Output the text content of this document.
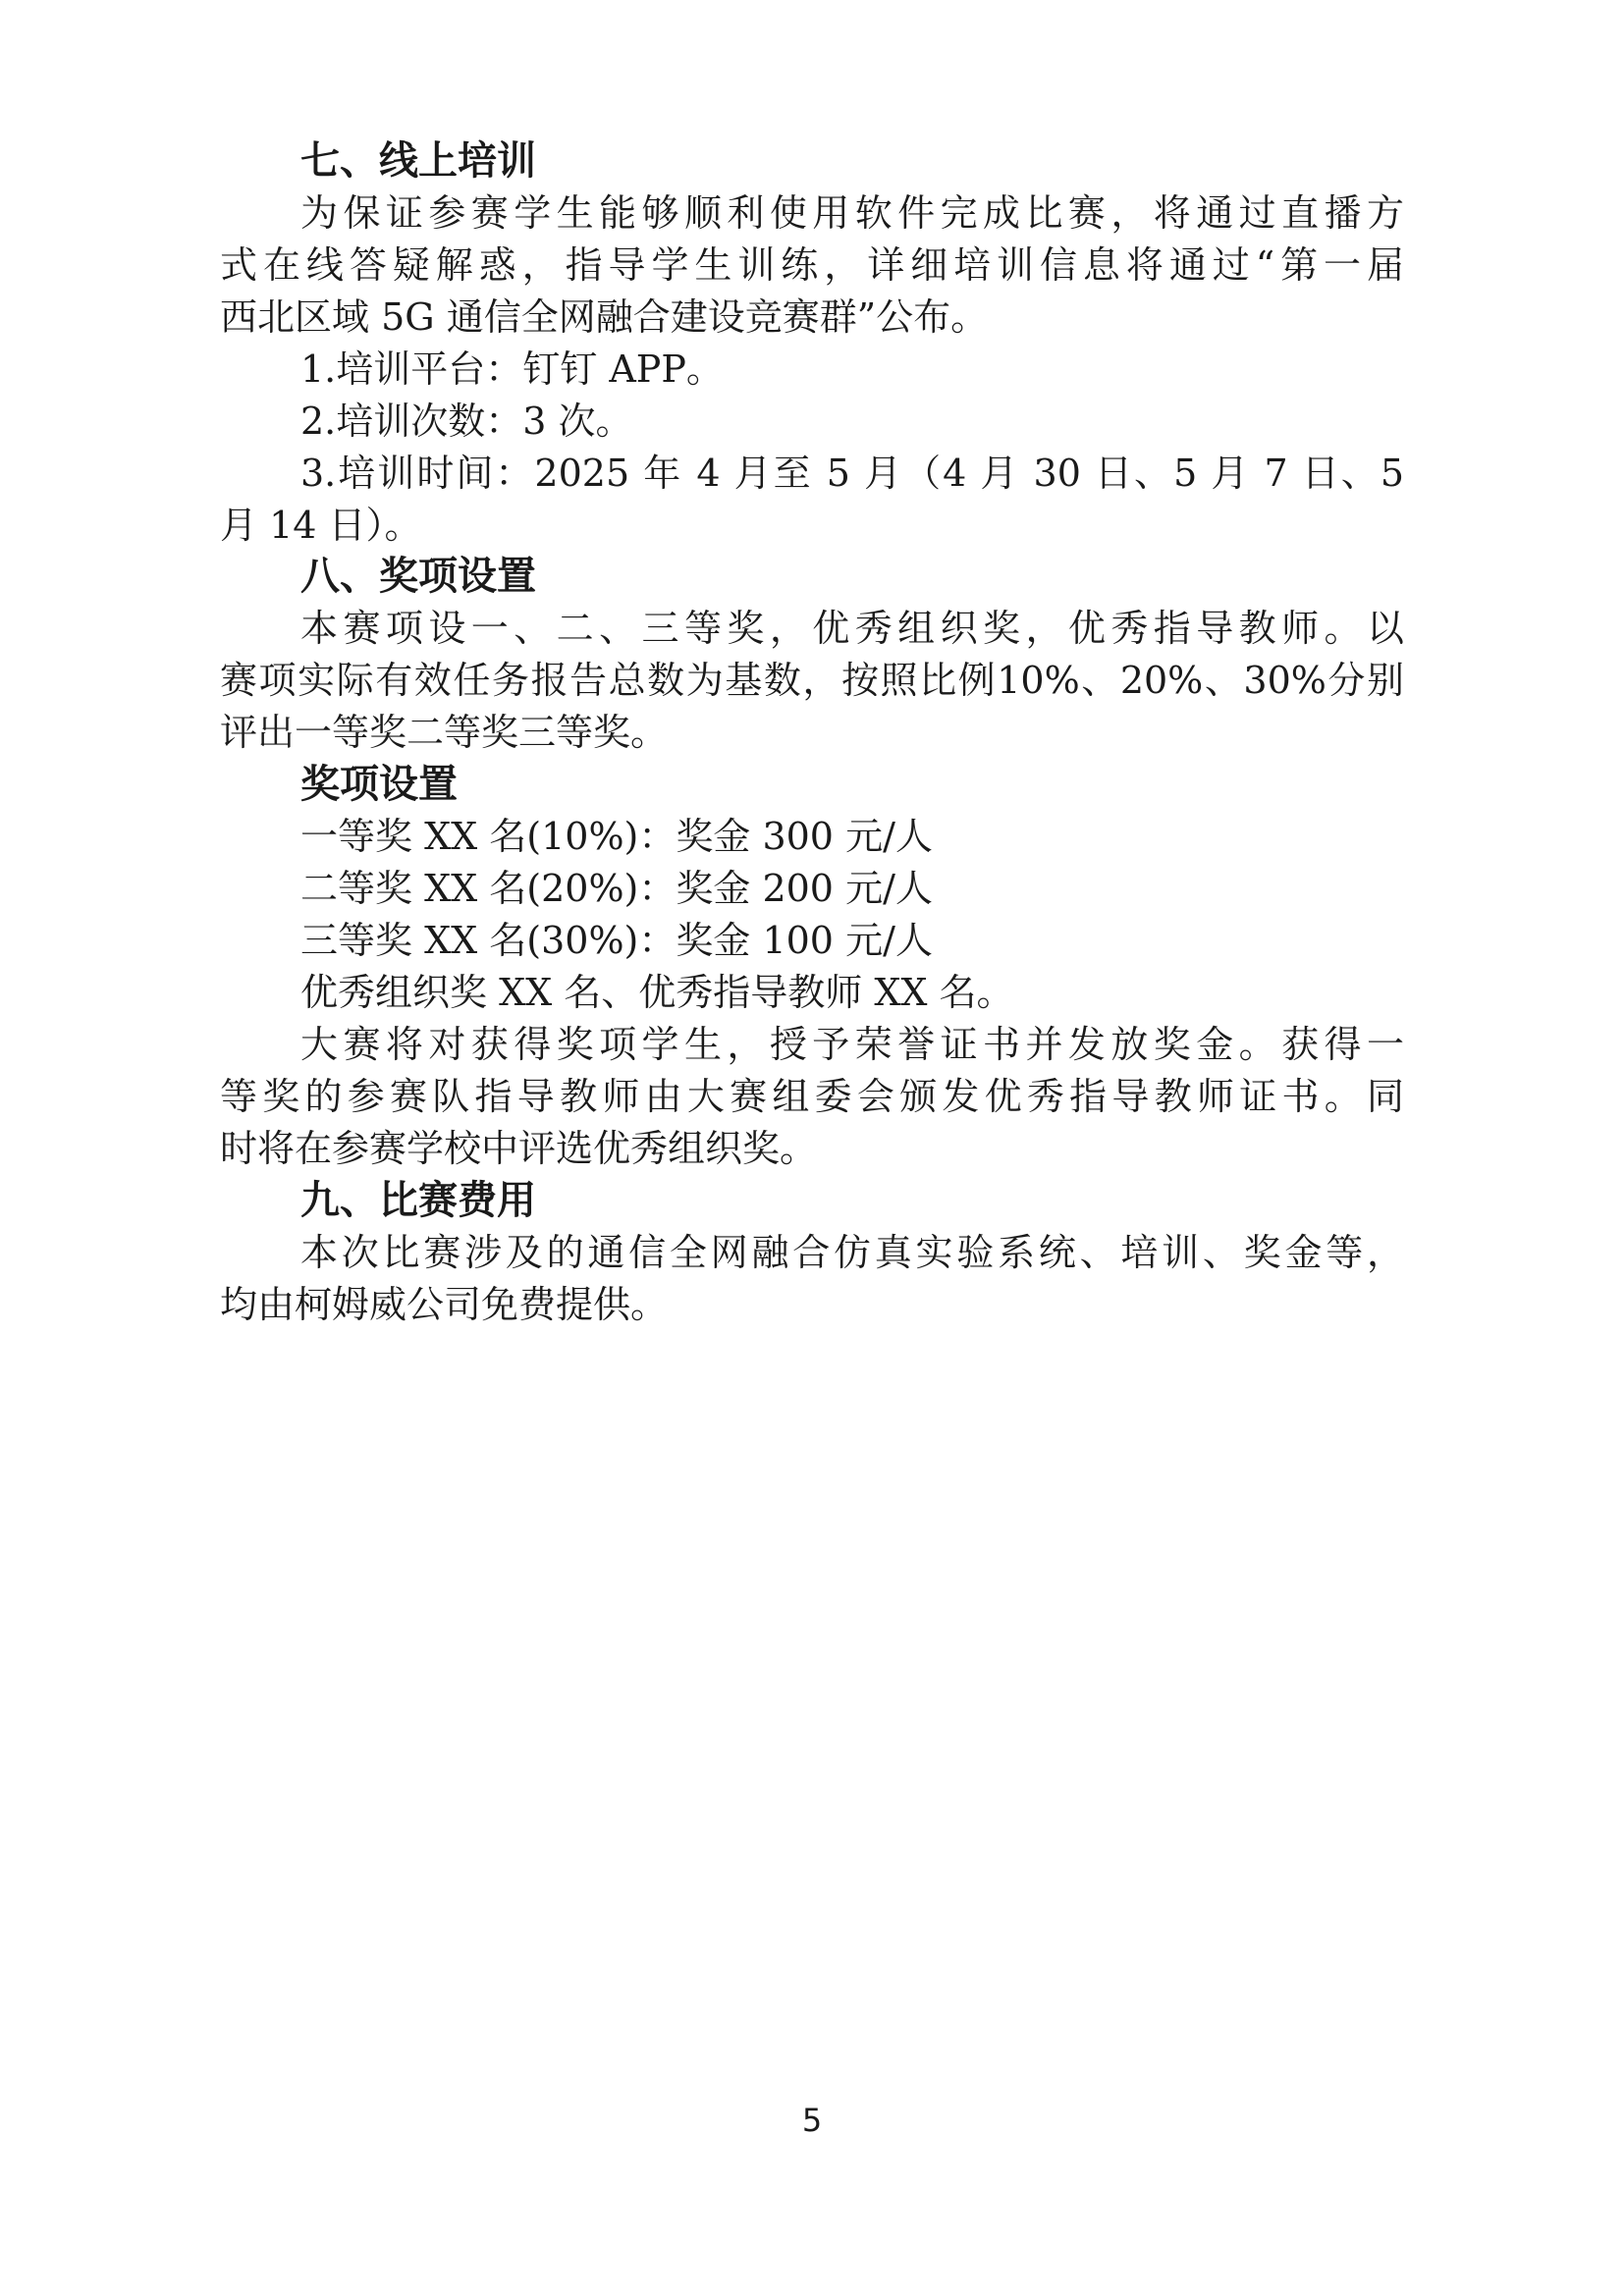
七、线上培训
为保证参赛学生能够顺利使用软件完成比赛，将通过直播方
式在线答疑解惑，指导学生训练，详细培训信息将通过“第一届
西北区域 5G 通信全网融合建设竞赛群”公布。
1.培训平台：钉钉 APP。
2.培训次数：3 次。
3.培训时间：2025 年 4 月至 5 月（4 月 30 日、5 月 7 日、5
月 14 日）。
八、奖项设置
本赛项设一、二、三等奖，优秀组织奖，优秀指导教师。以
赛项实际有效任务报告总数为基数，按照比例10%、20%、30%分别
评出一等奖二等奖三等奖。
奖项设置
一等奖 XX 名(10%)：奖金 300 元/人
二等奖 XX 名(20%)：奖金 200 元/人
三等奖 XX 名(30%)：奖金 100 元/人
优秀组织奖 XX 名、优秀指导教师 XX 名。
大赛将对获得奖项学生，授予荣誉证书并发放奖金。获得一
等奖的参赛队指导教师由大赛组委会颁发优秀指导教师证书。同
时将在参赛学校中评选优秀组织奖。
九、比赛费用
本次比赛涉及的通信全网融合仿真实验系统、培训、奖金等，
均由柯姆威公司免费提供。
5
